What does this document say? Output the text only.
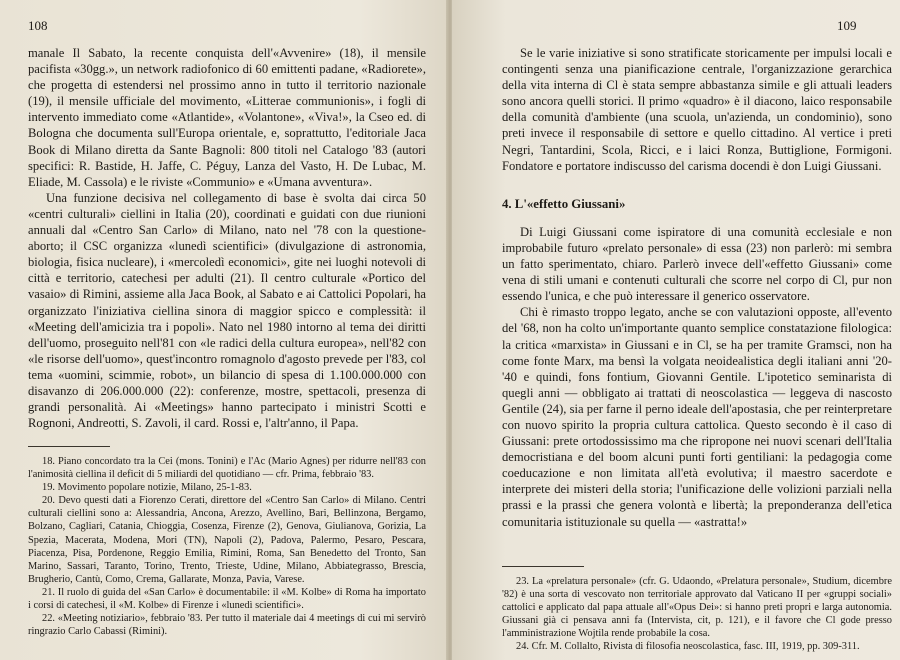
108

manale Il Sabato, la recente conquista dell'«Avvenire» (18), il mensile pacifista «30gg.», un network radiofonico di 60 emittenti padane, «Radiorete», che progetta di estendersi nel prossimo anno in tutto il territorio nazionale (19), il mensile ufficiale del movimento, «Litterae communionis», i fogli di intervento immediato come «Atlantide», «Volantone», «Viva!», la Cseo ed. di Bologna che documenta sull'Europa orientale, e, soprattutto, l'editoriale Jaca Book di Milano diretta da Sante Bagnoli: 800 titoli nel Catalogo '83 (autori specifici: R. Bastide, H. Jaffe, C. Péguy, Lanza del Vasto, H. De Lubac, M. Eliade, M. Cassola) e le riviste «Communio» e «Umana avventura».

Una funzione decisiva nel collegamento di base è svolta dai circa 50 «centri culturali» ciellini in Italia (20), coordinati e guidati con due riunioni annuali dal «Centro San Carlo» di Milano, nato nel '78 con la questione-aborto; il CSC organizza «lunedì scientifici» (divulgazione di astronomia, biologia, fisica nucleare), i «mercoledì economici», gite nei luoghi notevoli di città e territorio, catechesi per adulti (21). Il centro culturale «Portico del vasaio» di Rimini, assieme alla Jaca Book, al Sabato e ai Cattolici Popolari, ha organizzato l'iniziativa ciellina sinora di maggior spicco e complessità: il «Meeting dell'amicizia tra i popoli». Nato nel 1980 intorno al tema dei diritti dell'uomo, proseguito nell'81 con «le radici della cultura europea», nell'82 con «le risorse dell'uomo», quest'incontro romagnolo d'agosto prevede per l'83, col tema «uomini, scimmie, robot», un bilancio di spesa di 1.100.000.000 con disavanzo di 206.000.000 (22): conferenze, mostre, spettacoli, presenza di grandi personalità. Ai «Meetings» hanno partecipato i ministri Scotti e Rognoni, Andreotti, S. Zavoli, il card. Rossi e, l'altr'anno, il Papa.

18. Piano concordato tra la Cei (mons. Tonini) e l'Ac (Mario Agnes) per ridurre nell'83 con l'animosità ciellina il deficit di 5 miliardi del quotidiano — cfr. Prima, febbraio '83.

19. Movimento popolare notizie, Milano, 25-1-83.

20. Devo questi dati a Fiorenzo Cerati, direttore del «Centro San Carlo» di Milano. Centri culturali ciellini sono a: Alessandria, Ancona, Arezzo, Avellino, Bari, Bellinzona, Bergamo, Bolzano, Cagliari, Catania, Chioggia, Cosenza, Firenze (2), Genova, Giulianova, Gorizia, La Spezia, Macerata, Modena, Mori (TN), Napoli (2), Padova, Palermo, Pesaro, Pescara, Piacenza, Pisa, Pordenone, Reggio Emilia, Rimini, Roma, San Benedetto del Tronto, San Marino, Sassari, Taranto, Torino, Trento, Trieste, Udine, Milano, Abbiategrasso, Brescia, Brugherio, Cantù, Como, Crema, Gallarate, Monza, Pavia, Varese.

21. Il ruolo di guida del «San Carlo» è documentabile: il «M. Kolbe» di Roma ha importato i corsi di catechesi, il «M. Kolbe» di Firenze i «lunedì scientifici».

22. «Meeting notiziario», febbraio '83. Per tutto il materiale dai 4 meetings di cui mi servirò ringrazio Carlo Cabassi (Rimini).

109

Se le varie iniziative si sono stratificate storicamente per impulsi locali e contingenti senza una pianificazione centrale, l'organizzazione gerarchica della vita interna di Cl è stata sempre abbastanza simile e gli attuali leaders sono ancora quelli storici. Il primo «quadro» è il diacono, laico responsabile della comunità d'ambiente (una scuola, un'azienda, un condominio), sono preti invece il responsabile di settore e quello cittadino. Al vertice i preti Negri, Tantardini, Scola, Ricci, e i laici Ronza, Buttiglione, Formigoni. Fondatore e portatore indiscusso del carisma docendi è don Luigi Giussani.

4. L'«effetto Giussani»

Di Luigi Giussani come ispiratore di una comunità ecclesiale e non improbabile futuro «prelato personale» di essa (23) non parlerò: mi sembra un fatto sperimentato, chiaro. Parlerò invece dell'«effetto Giussani» come vena di stili umani e contenuti culturali che scorre nel corpo di Cl, pur non essendo l'unica, e che può interessare il generico osservatore.

Chi è rimasto troppo legato, anche se con valutazioni opposte, all'evento del '68, non ha colto un'importante quanto semplice constatazione filologica: la critica «marxista» in Giussani e in Cl, se ha per tramite Gramsci, non ha come fonte Marx, ma bensì la volgata neoidealistica degli italiani anni '20-'40 e quindi, fons fontium, Giovanni Gentile. L'ipotetico seminarista di quegli anni — obbligato ai trattati di neoscolastica — leggeva di nascosto Gentile (24), sia per farne il perno ideale dell'apostasia, che per reinterpretare con nuovo spirito la propria cultura cattolica. Questo secondo è il caso di Giussani: prete ortodossissimo ma che ripropone nei nuovi scenari dell'Italia democristiana e del boom alcuni punti forti gentiliani: la pedagogia come coeducazione e non limitata all'età evolutiva; il maestro sacerdote e interprete dei misteri della storia; l'unificazione delle volizioni parziali nella prassi e la prassi che genera volontà e libertà; la preponderanza dell'etica comunitaria istituzionale su quella — «astratta!»

23. La «prelatura personale» (cfr. G. Udaondo, «Prelatura personale», Studium, dicembre '82) è una sorta di vescovato non territoriale approvato dal Vaticano II per «gruppi sociali» cattolici e applicato dal papa attuale all'«Opus Dei»: si hanno preti propri e larga autonomia. Giussani già ci pensava anni fa (Intervista, cit, p. 121), e il favore che Cl gode presso l'amministrazione Wojtila rende probabile la cosa.

24. Cfr. M. Collalto, Rivista di filosofia neoscolastica, fasc. III, 1919, pp. 309-311.
